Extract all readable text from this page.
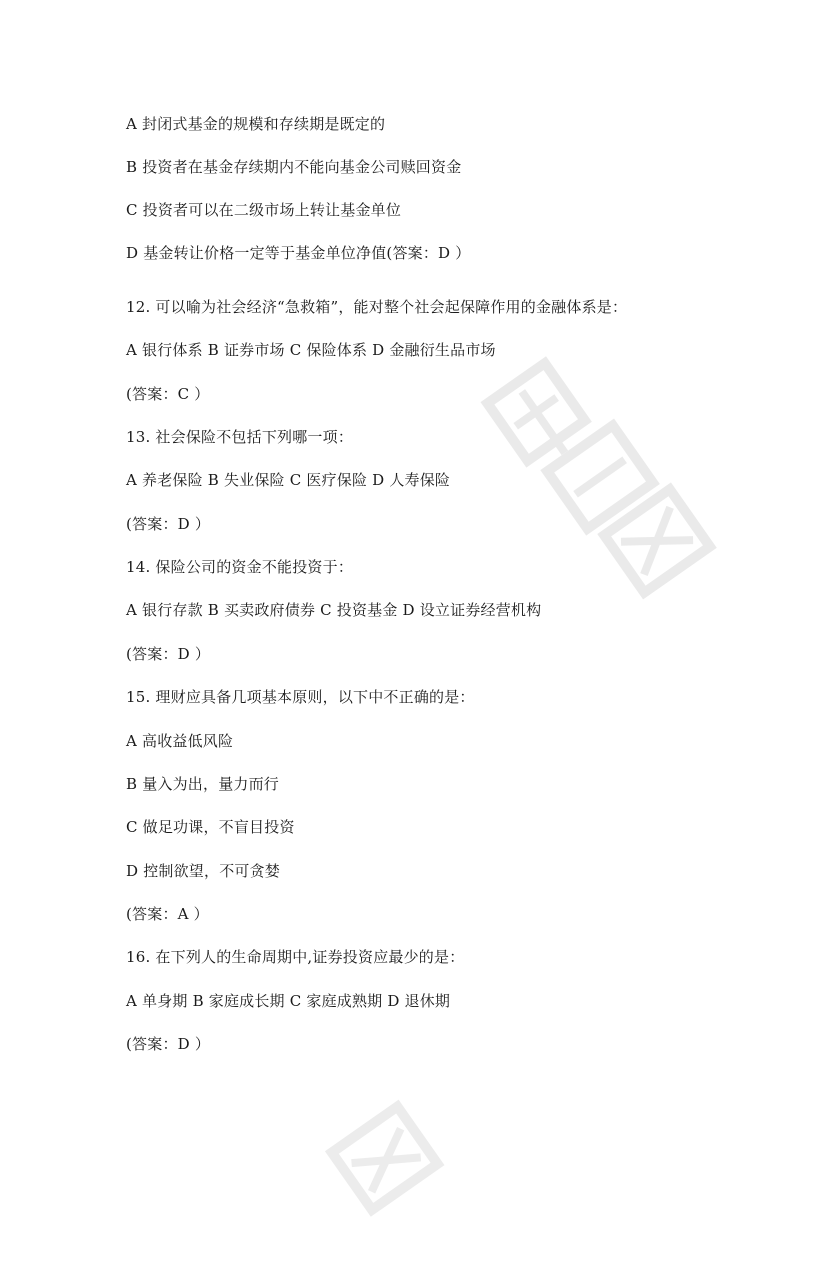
A 封闭式基金的规模和存续期是既定的
B 投资者在基金存续期内不能向基金公司赎回资金
C 投资者可以在二级市场上转让基金单位
D 基金转让价格一定等于基金单位净值(答案：D ）
12. 可以喻为社会经济“急救箱”，能对整个社会起保障作用的金融体系是：
A 银行体系 B 证券市场 C 保险体系 D 金融衍生品市场
(答案：C ）
13. 社会保险不包括下列哪一项：
A 养老保险 B 失业保险 C 医疗保险 D 人寿保险
(答案：D ）
14. 保险公司的资金不能投资于：
A 银行存款 B 买卖政府债券 C 投资基金 D 设立证券经营机构
(答案：D ）
15. 理财应具备几项基本原则，以下中不正确的是：
A 高收益低风险
B 量入为出，量力而行
C 做足功课，不盲目投资
D 控制欲望，不可贪婪
(答案：A ）
16. 在下列人的生命周期中,证券投资应最少的是：
A 单身期 B 家庭成长期 C 家庭成熟期 D 退休期
(答案：D ）
